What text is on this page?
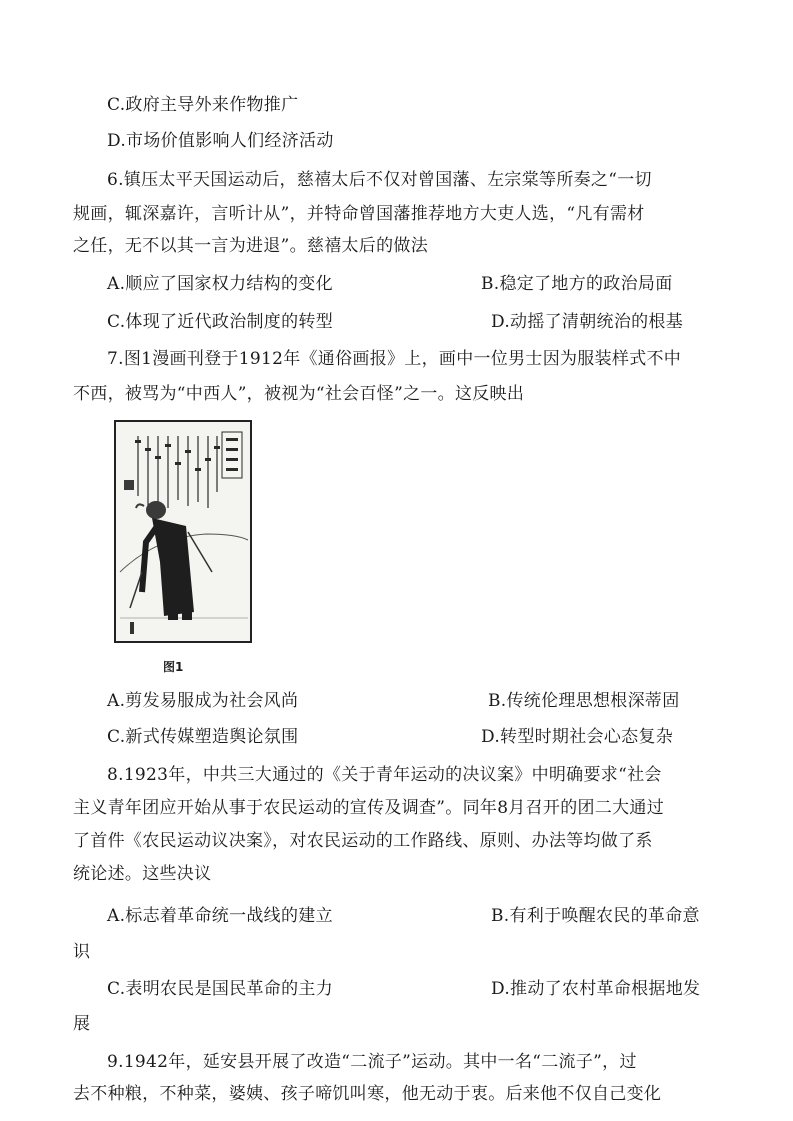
C.政府主导外来作物推广
D.市场价值影响人们经济活动
6.镇压太平天国运动后，慈禧太后不仅对曾国藩、左宗棠等所奏之“一切
规画，辄深嘉许，言听计从”，并特命曾国藩推荐地方大吏人选，“凡有需材
之任，无不以其一言为进退”。慈禧太后的做法
A.顺应了国家权力结构的变化	B.稳定了地方的政治局面
C.体现了近代政治制度的转型	D.动摇了清朝统治的根基
7.图1漫画刊登于1912年《通俗画报》上，画中一位男士因为服装样式不中
不西，被骂为“中西人”，被视为“社会百怪”之一。这反映出
图1
A.剪发易服成为社会风尚	B.传统伦理思想根深蒂固
C.新式传媒塑造舆论氛围	D.转型时期社会心态复杂
8.1923年，中共三大通过的《关于青年运动的决议案》中明确要求“社会
主义青年团应开始从事于农民运动的宣传及调查”。同年8月召开的团二大通过
了首件《农民运动议决案》，对农民运动的工作路线、原则、办法等均做了系
统论述。这些决议
A.标志着革命统一战线的建立	B.有利于唤醒农民的革命意
识
C.表明农民是国民革命的主力	D.推动了农村革命根据地发
展
9.1942年，延安县开展了改造“二流子”运动。其中一名“二流子”，过
去不种粮，不种菜，婆姨、孩子啼饥叫寒，他无动于衷。后来他不仅自己变化
